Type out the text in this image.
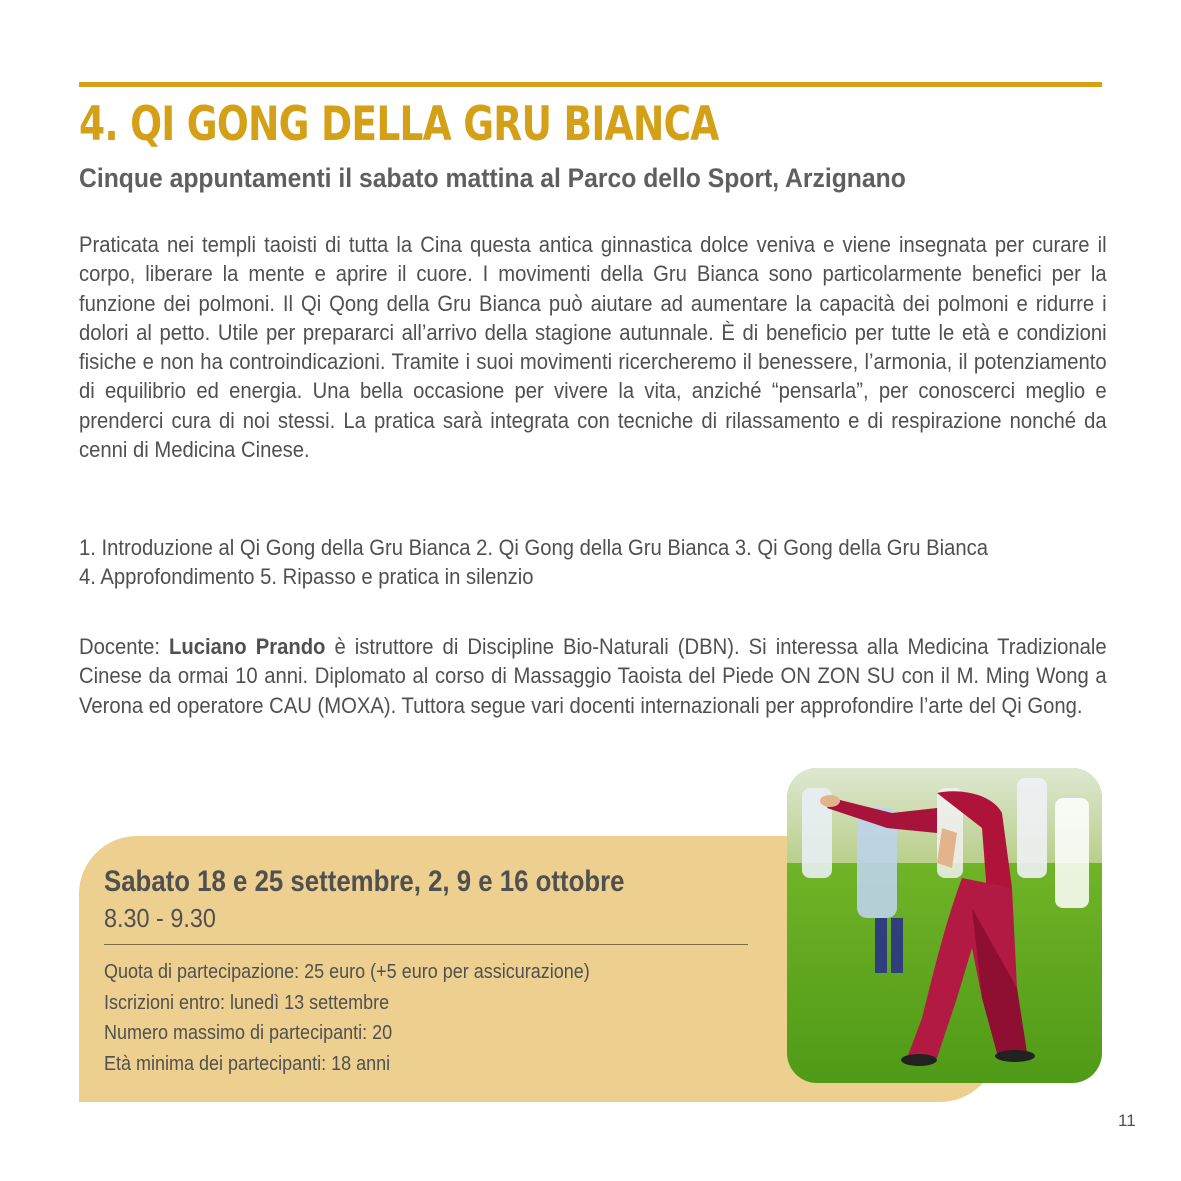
4. QI GONG DELLA GRU BIANCA
Cinque appuntamenti il sabato mattina al Parco dello Sport, Arzignano

Praticata nei templi taoisti di tutta la Cina questa antica ginnastica dolce veniva e viene insegnata per curare il corpo, liberare la mente e aprire il cuore. I movimenti della Gru Bianca sono particolarmente benefici per la funzione dei polmoni. Il Qi Qong della Gru Bianca può aiutare ad aumentare la capacità dei polmoni e ridurre i dolori al petto. Utile per prepararci all’arrivo della stagione autunnale. È di beneficio per tutte le età e condizioni fisiche e non ha controindicazioni. Tramite i suoi movimenti ricercheremo il benessere, l’armonia, il potenziamento di equilibrio ed energia. Una bella occasione per vivere la vita, anziché “pensarla”, per conoscerci meglio e prenderci cura di noi stessi. La pratica sarà integrata con tecniche di rilassamento e di respirazione nonché da cenni di Medicina Cinese.

1. Introduzione al Qi Gong della Gru Bianca 2. Qi Gong della Gru Bianca 3. Qi Gong della Gru Bianca
4. Approfondimento 5. Ripasso e pratica in silenzio

Docente: Luciano Prando è istruttore di Discipline Bio-Naturali (DBN). Si interessa alla Medicina Tradizionale Cinese da ormai 10 anni. Diplomato al corso di Massaggio Taoista del Piede ON ZON SU con il M. Ming Wong a Verona ed operatore CAU (MOXA). Tuttora segue vari docenti internazionali per approfondire l’arte del Qi Gong.

Sabato 18 e 25 settembre, 2, 9 e 16 ottobre
8.30 - 9.30
Quota di partecipazione: 25 euro (+5 euro per assicurazione)
Iscrizioni entro: lunedì 13 settembre
Numero massimo di partecipanti: 20
Età minima dei partecipanti: 18 anni
11
